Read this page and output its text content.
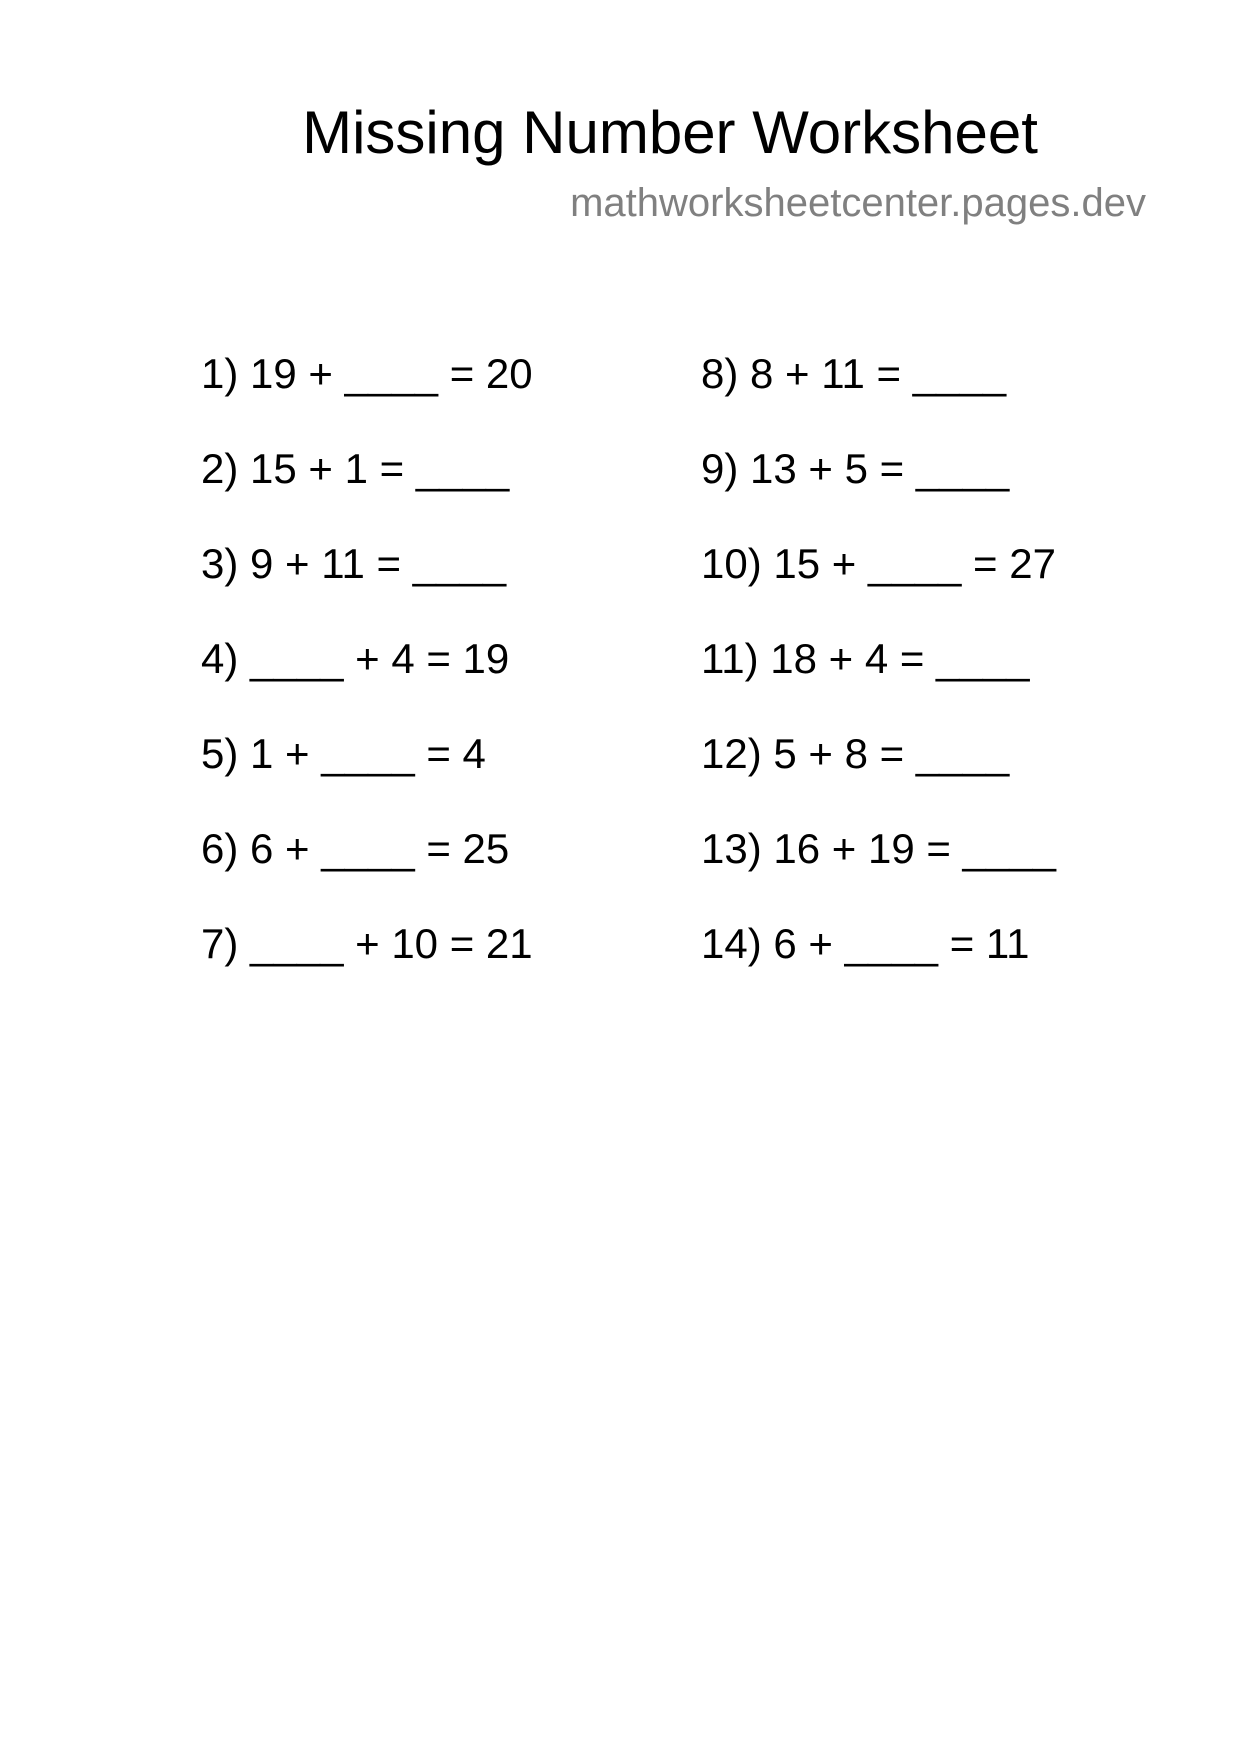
Missing Number Worksheet
mathworksheetcenter.pages.dev
1) 19 + ____ = 20
2) 15 + 1 = ____
3) 9 + 11 = ____
4) ____ + 4 = 19
5) 1 + ____ = 4
6) 6 + ____ = 25
7) ____ + 10 = 21
8) 8 + 11 = ____
9) 13 + 5 = ____
10) 15 + ____ = 27
11) 18 + 4 = ____
12) 5 + 8 = ____
13) 16 + 19 = ____
14) 6 + ____ = 11
